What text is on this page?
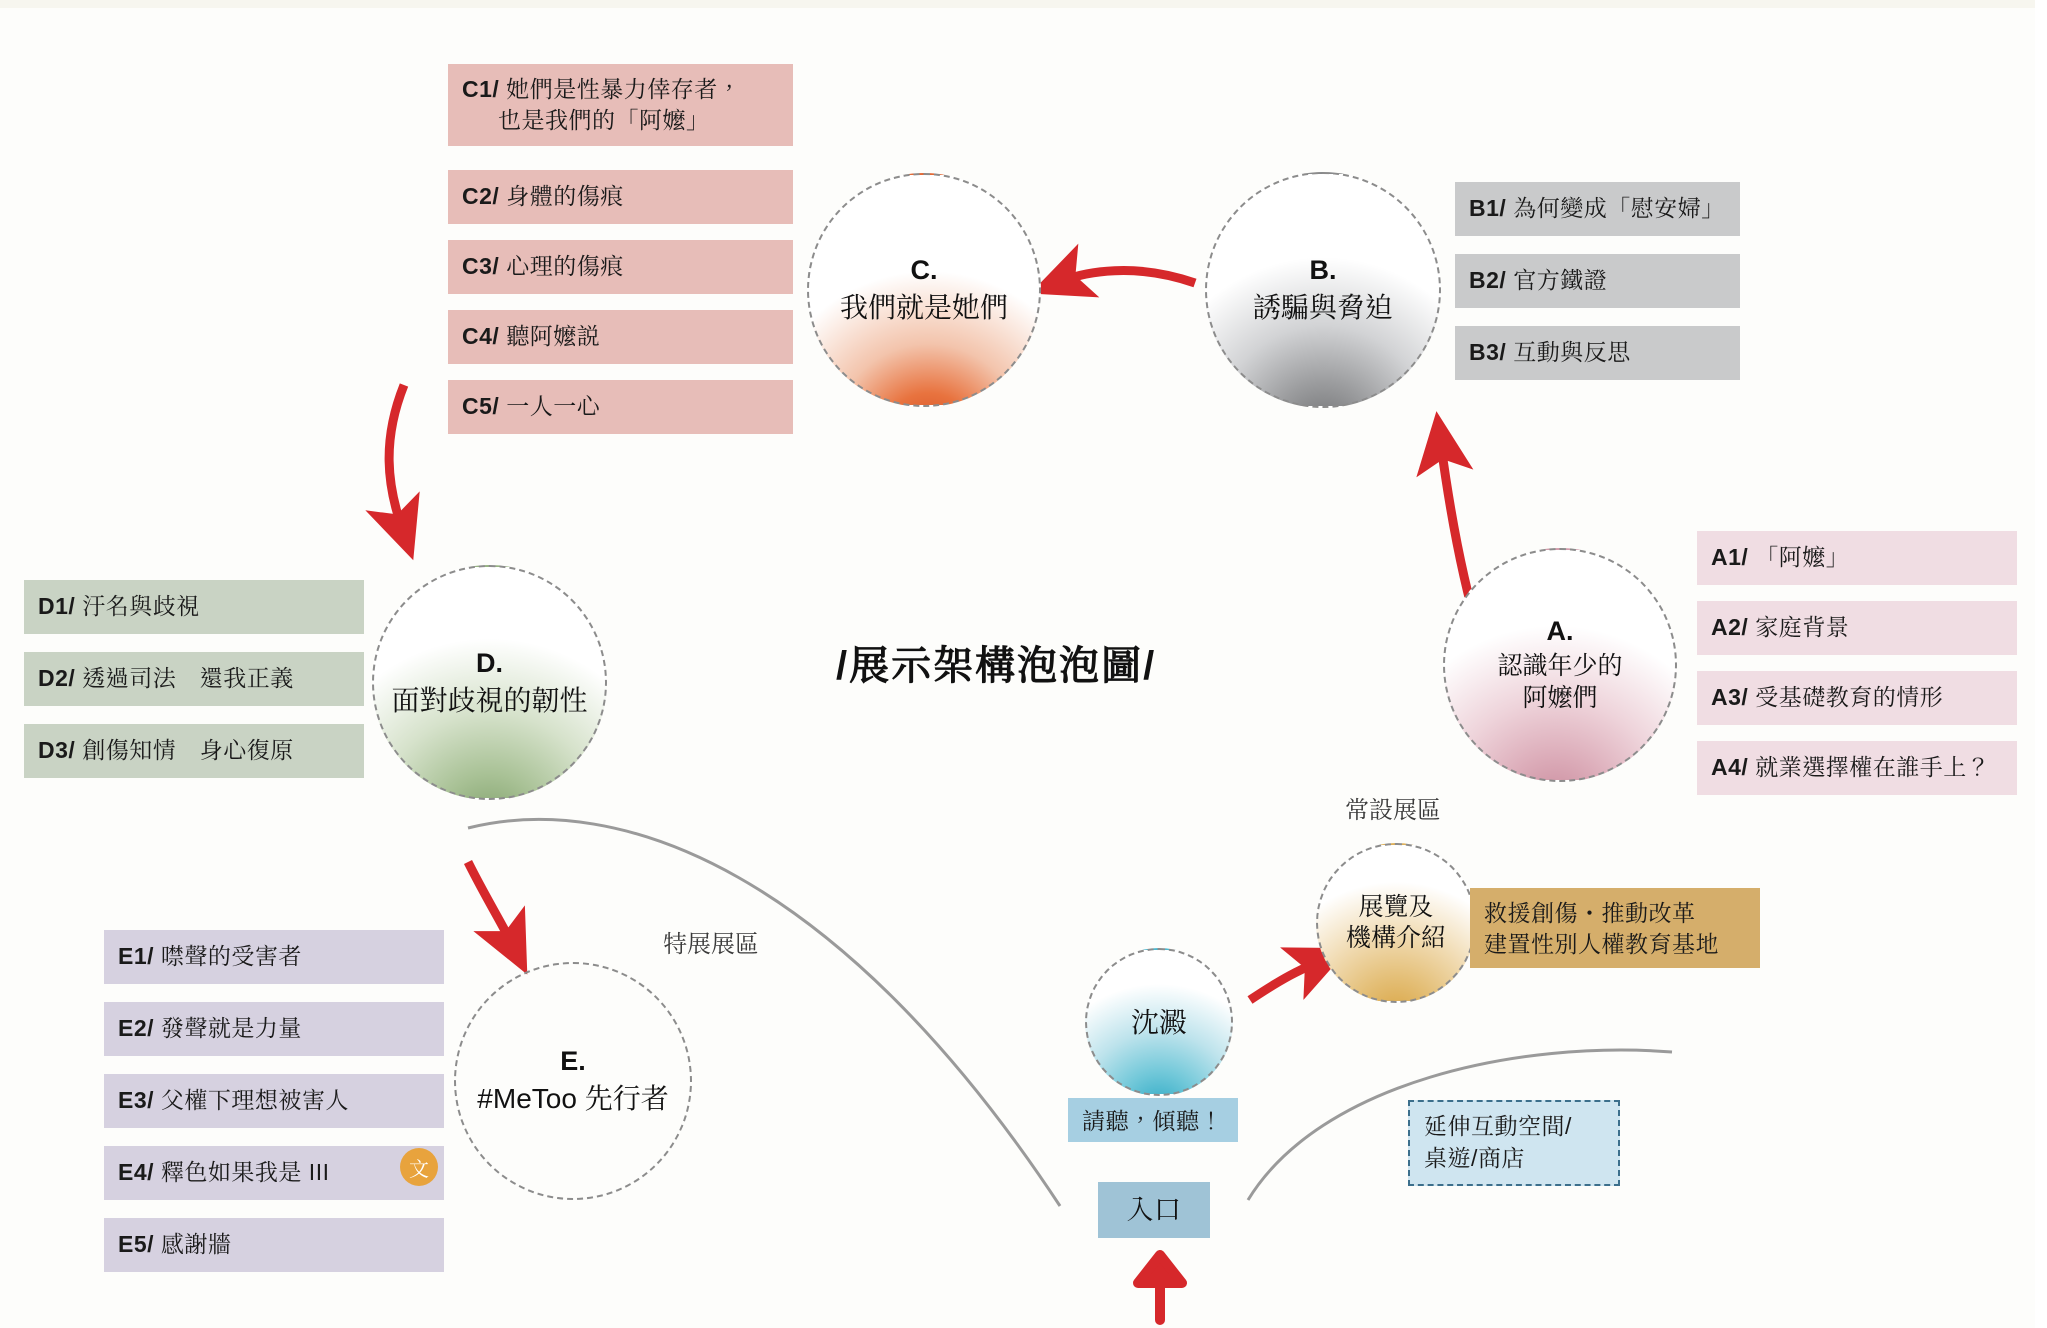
/展示架構泡泡圖/
C1/ 她們是性暴力倖存者，
也是我們的「阿嬤」
C2/
身體的傷痕
C3/
心理的傷痕
C4/
聽阿嬤説
C5/
一人一心
B1/
為何變成「慰安婦」
B2/
官方鐵證
B3/
互動與反思
A1/
「阿嬤」
A2/
家庭背景
A3/
受基礎教育的情形
A4/
就業選擇權在誰手上？
D1/
汙名與歧視
D2/
透過司法　還我正義
D3/
創傷知情　身心復原
E1/
噤聲的受害者
E2/
發聲就是力量
E3/
父權下理想被害人
E4/
釋色如果我是 III	文
E5/
感謝牆
C.
我們就是她們
B.
誘騙與脅迫
A.
認識年少的
阿嬤們
D.
面對歧視的韌性
E.
#MeToo 先行者
展覽及
機構介紹
沈澱
常設展區
特展展區
救援創傷・推動改革
建置性別人權教育基地
請聽，傾聽！
入口
延伸互動空間/
桌遊/商店
